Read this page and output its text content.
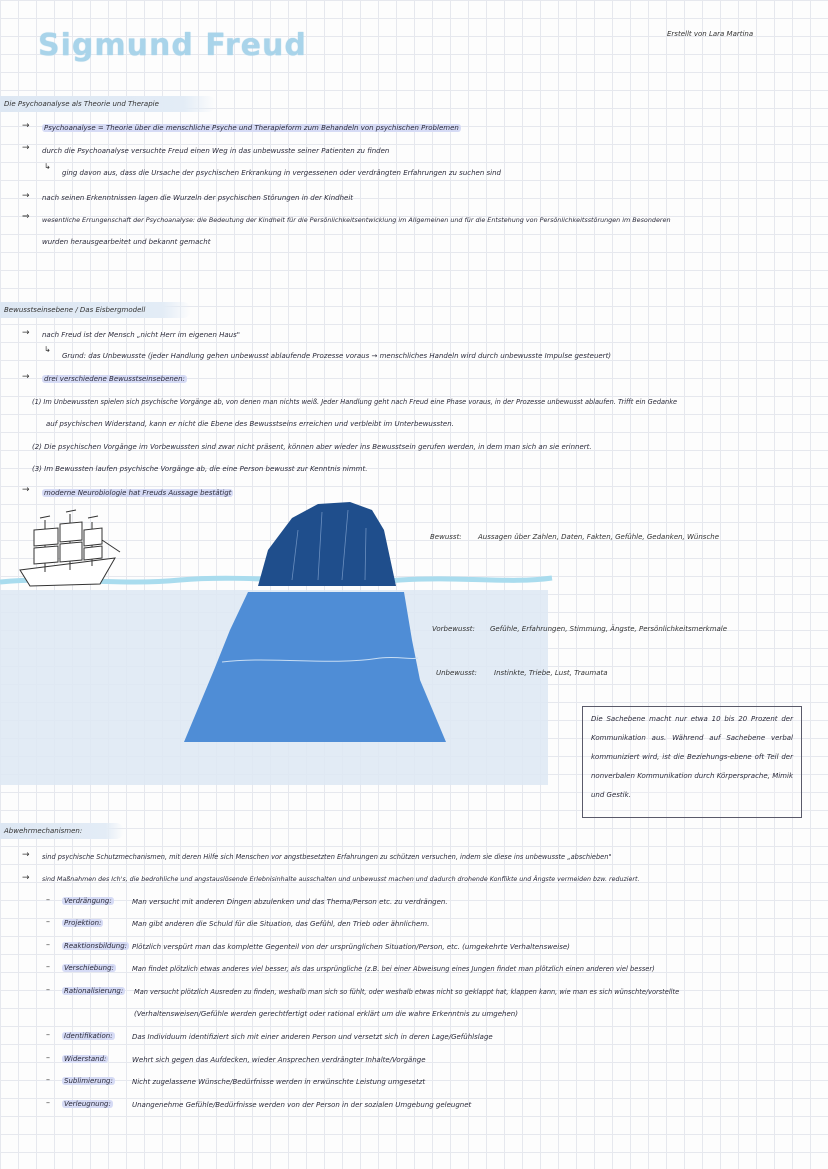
Erstellt von Lara Martina
Sigmund Freud
Die Psychoanalyse als Theorie und Therapie
→ Psychoanalyse = Theorie über die menschliche Psyche und Therapieform zum Behandeln von psychischen Problemen
→ durch die Psychoanalyse versuchte Freud einen Weg in das unbewusste seiner Patienten zu finden
↳
ging davon aus, dass die Ursache der psychischen Erkrankung in vergessenen oder verdrängten Erfahrungen zu suchen sind
→ nach seinen Erkenntnissen lagen die Wurzeln der psychischen Störungen in der Kindheit
⇒ wesentliche Errungenschaft der Psychoanalyse: die Bedeutung der Kindheit für die Persönlichkeitsentwicklung im Allgemeinen und für die Entstehung von Persönlichkeitsstörungen im Besonderen
wurden herausgearbeitet und bekannt gemacht
Bewusstseinsebene / Das Eisbergmodell
→ nach Freud ist der Mensch „nicht Herr im eigenen Haus"
↳
Grund: das Unbewusste (jeder Handlung gehen unbewusst ablaufende Prozesse voraus → menschliches Handeln wird durch unbewusste Impulse gesteuert)
→ drei verschiedene Bewusstseinsebenen:
(1) Im Unbewussten spielen sich psychische Vorgänge ab, von denen man nichts weiß. Jeder Handlung geht nach Freud eine Phase voraus, in der Prozesse unbewusst ablaufen. Trifft ein Gedanke
auf psychischen Widerstand, kann er nicht die Ebene des Bewusstseins erreichen und verbleibt im Unterbewussten.
(2) Die psychischen Vorgänge im Vorbewussten sind zwar nicht präsent, können aber wieder ins Bewusstsein gerufen werden, in dem man sich an sie erinnert.
(3) Im Bewussten laufen psychische Vorgänge ab, die eine Person bewusst zur Kenntnis nimmt.
→ moderne Neurobiologie hat Freuds Aussage bestätigt
Bewusst: Aussagen über Zahlen, Daten, Fakten, Gefühle, Gedanken, Wünsche
Vorbewusst: Gefühle, Erfahrungen, Stimmung, Ängste, Persönlichkeitsmerkmale
Unbewusst: Instinkte, Triebe, Lust, Traumata
Die Sachebene macht nur etwa 10 bis 20 Prozent der Kommunikation aus. Während auf Sachebene verbal kommuniziert wird, ist die Beziehungs-ebene oft Teil der nonverbalen Kommunikation durch Körpersprache, Mimik und Gestik.
Abwehrmechanismen:
→ sind psychische Schutzmechanismen, mit deren Hilfe sich Menschen vor angstbesetzten Erfahrungen zu schützen versuchen, indem sie diese ins unbewusste „abschieben"
→ sind Maßnahmen des Ich's, die bedrohliche und angstauslösende Erlebnisinhalte ausschalten und unbewusst machen und dadurch drohende Konflikte und Ängste vermeiden bzw. reduziert.
– Verdrängung:	Man versucht mit anderen Dingen abzulenken und das Thema/Person etc. zu verdrängen.
– Projektion:	Man gibt anderen die Schuld für die Situation, das Gefühl, den Trieb oder ähnlichem.
– Reaktionsbildung: Plötzlich verspürt man das komplette Gegenteil von der ursprünglichen Situation/Person, etc. (umgekehrte Verhaltensweise)
– Verschiebung:	Man findet plötzlich etwas anderes viel besser, als das ursprüngliche (z.B. bei einer Abweisung eines Jungen findet man plötzlich einen anderen viel besser)
– Rationalisierung:	Man versucht plötzlich Ausreden zu finden, weshalb man sich so fühlt, oder weshalb etwas nicht so geklappt hat, klappen kann, wie man es sich wünschte/vorstellte
(Verhaltensweisen/Gefühle werden gerechtfertigt oder rational erklärt um die wahre Erkenntnis zu umgehen)
– Identifikation:	Das Individuum identifiziert sich mit einer anderen Person und versetzt sich in deren Lage/Gefühlslage
– Widerstand:	Wehrt sich gegen das Aufdecken, wieder Ansprechen verdrängter Inhalte/Vorgänge
– Sublimierung:	Nicht zugelassene Wünsche/Bedürfnisse werden in erwünschte Leistung umgesetzt
– Verleugnung:	Unangenehme Gefühle/Bedürfnisse werden von der Person in der sozialen Umgebung geleugnet
